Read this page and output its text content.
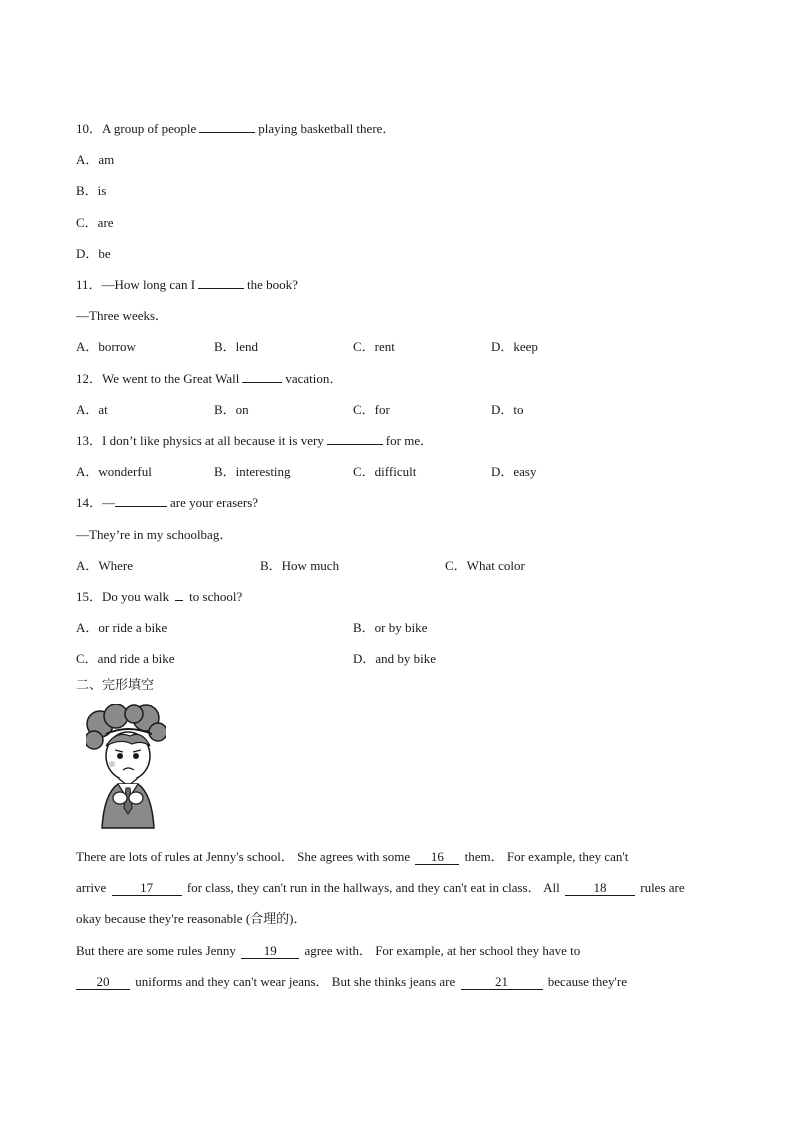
10．A group of people	playing basketball there．
A．am
B．is
C．are
D．be
11．—How long can I	the book?
—Three weeks．
A．borrow	B．lend	C．rent	D．keep
12．We went to the Great Wall	vacation．
A．at	B．on	C．for	D．to
13．I don’t like physics at all because it is very	for me．
A．wonderful	B．interesting	C．difficult	D．easy
14．—	are your erasers?
—They’re in my schoolbag．
A．Where	B．How much	C．What color
15．Do you walk to school?
A．or ride a bike	B．or by bike
C．and ride a bike	D．and by bike
二、完形填空
There are lots of rules at Jenny's school． She agrees with some 16 them． For example, they can't
arrive	17	for class, they can't run in the hallways, and they can't eat in class． All	18	rules are
okay because they're reasonable (合理的)．
But there are some rules Jenny 19 agree with． For example, at her school they have to
20 uniforms and they can't wear jeans． But she thinks jeans are	21	because they're
